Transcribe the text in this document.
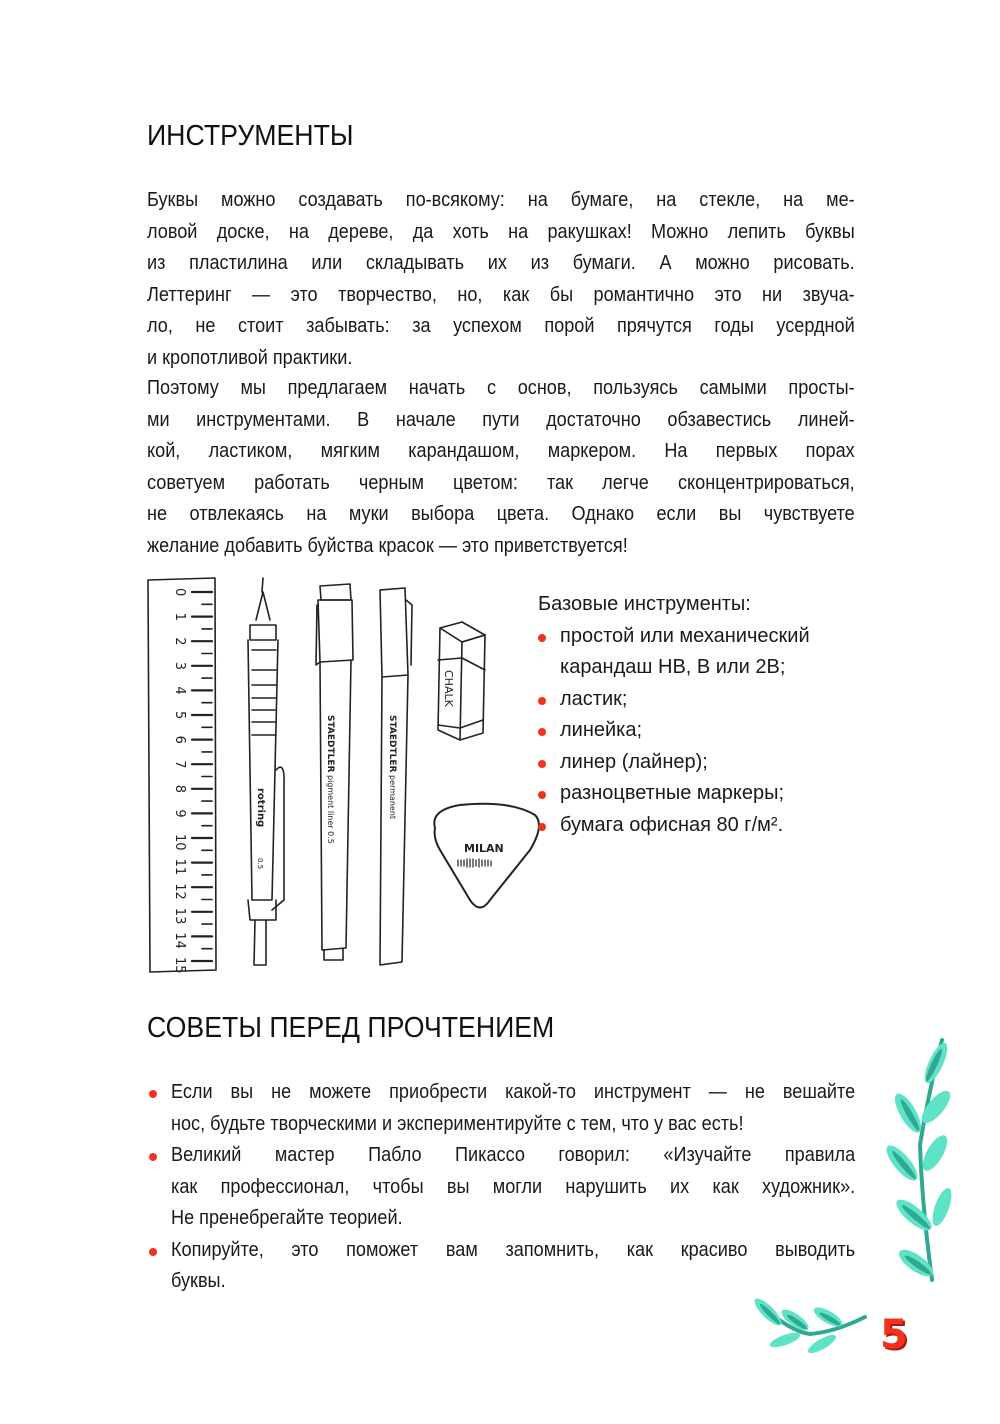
ИНСТРУМЕНТЫ
Буквы можно создавать по-всякому: на бумаге, на стекле, на ме-
ловой доске, на дереве, да хоть на ракушках! Можно лепить буквы
из пластилина или складывать их из бумаги. А можно рисовать.
Леттеринг — это творчество, но, как бы романтично это ни звуча-
ло, не стоит забывать: за успехом порой прячутся годы усердной
и кропотливой практики.
Поэтому мы предлагаем начать с основ, пользуясь самыми просты-
ми инструментами. В начале пути достаточно обзавестись линей-
кой, ластиком, мягким карандашом, маркером. На первых порах
советуем работать черным цветом: так легче сконцентрироваться,
не отвлекаясь на муки выбора цвета. Однако если вы чувствуете
желание добавить буйства красок — это приветствуется!
0
1
2
3
4
5
6
7
8
9
10
11
12
13
14
15
rotring
0.5
STAEDTLER
pigment liner 0.5
STAEDTLER
permanent
CHALK
MILAN
Базовые инструменты:
простой или механический
карандаш HB, B или 2B;
ластик;
линейка;
линер (лайнер);
разноцветные маркеры;
бумага офисная 80 г/м².
СОВЕТЫ ПЕРЕД ПРОЧТЕНИЕМ
Если вы не можете приобрести какой-то инструмент — не вешайте
нос, будьте творческими и экспериментируйте с тем, что у вас есть!
Великий мастер Пабло Пикассо говорил: «Изучайте правила
как профессионал, чтобы вы могли нарушить их как художник».
Не пренебрегайте теорией.
Копируйте, это поможет вам запомнить, как красиво выводить
буквы.
5
